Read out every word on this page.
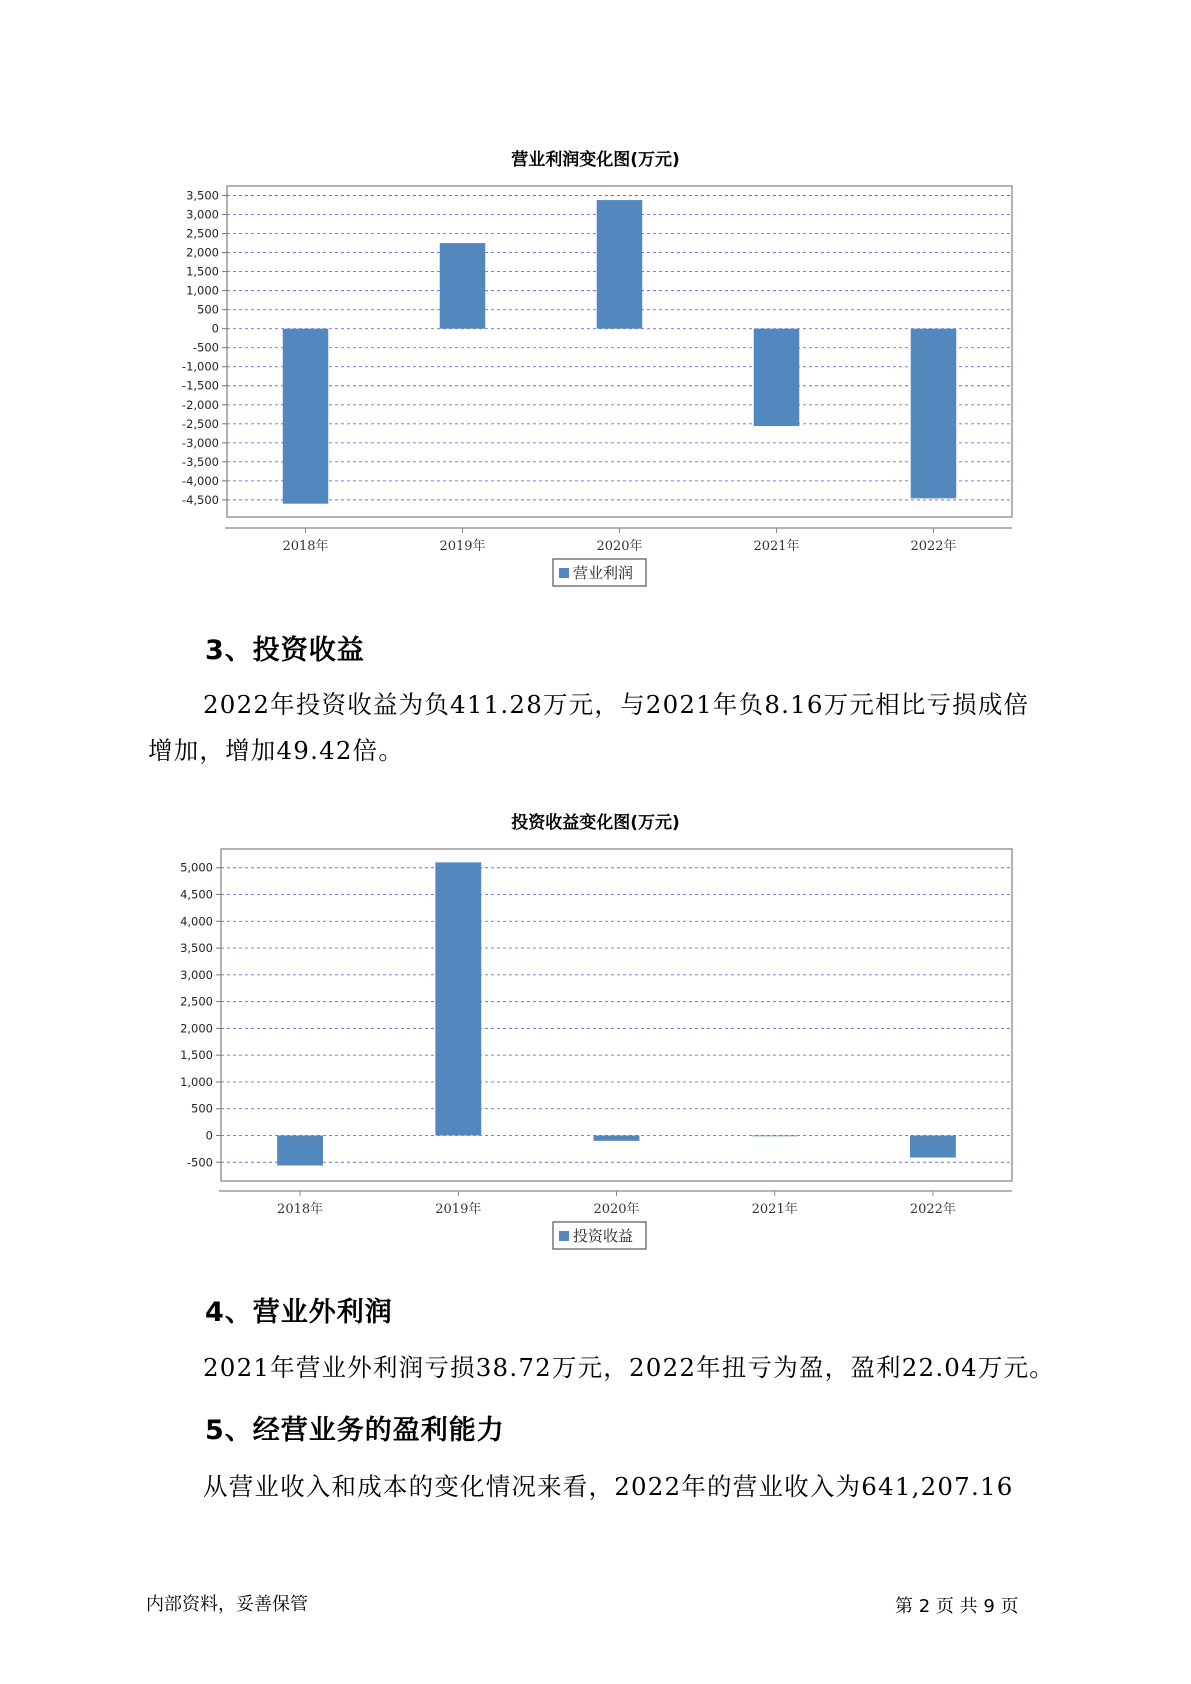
营业利润变化图(万元)
3,500
3,000
2,500
2,000
1,500
1,000
500
0
-500
-1,000
-1,500
-2,000
-2,500
-3,000
-3,500
-4,000
-4,500
2018年	2019年	2020年	2021年	2022年
营业利润
3、投资收益
2022年投资收益为负411.28万元，与2021年负8.16万元相比亏损成倍
增加，增加49.42倍。
投资收益变化图(万元)
5,000
4,500
4,000
3,500
3,000
2,500
2,000
1,500
1,000
500
0
-500
2018年	2019年	2020年	2021年	2022年
投资收益
4、营业外利润
2021年营业外利润亏损38.72万元，2022年扭亏为盈，盈利22.04万元。
5、经营业务的盈利能力
从营业收入和成本的变化情况来看，2022年的营业收入为641,207.16
内部资料，妥善保管	第 2 页 共 9 页
